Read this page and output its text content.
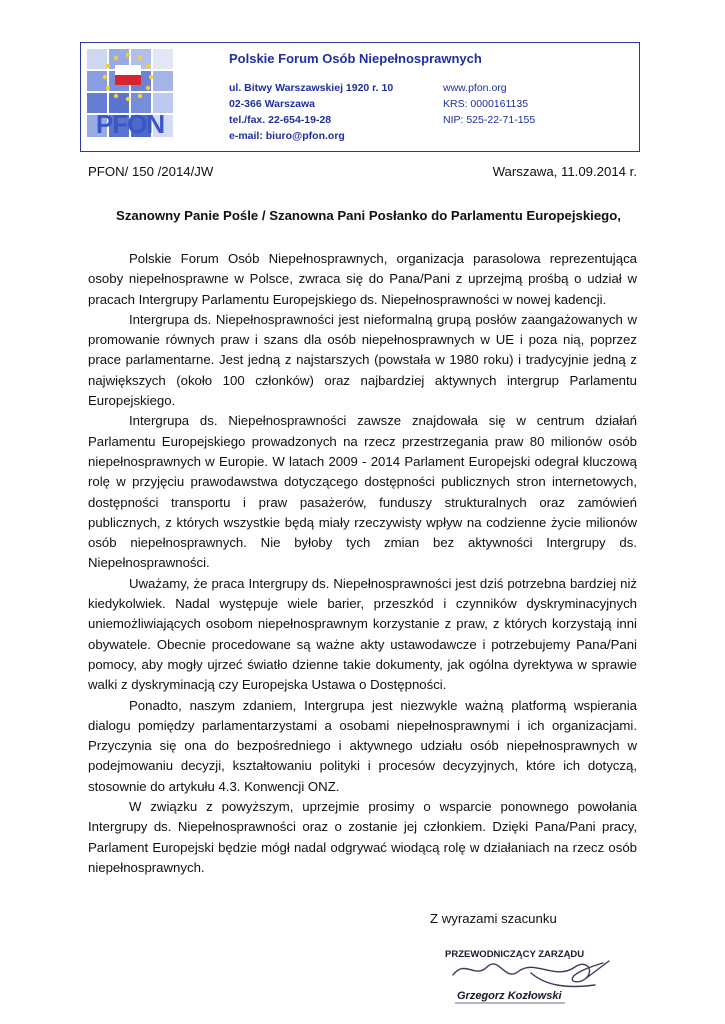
PFON
Polskie Forum Osób Niepełnosprawnych
ul. Bitwy Warszawskiej 1920 r. 10
02-366 Warszawa
tel./fax. 22-654-19-28
e-mail: biuro@pfon.org
www.pfon.org
KRS: 0000161135
NIP: 525-22-71-155
PFON/ 150 /2014/JW	Warszawa, 11.09.2014 r.
Szanowny Panie Pośle / Szanowna Pani Posłanko do Parlamentu Europejskiego,

Polskie Forum Osób Niepełnosprawnych, organizacja parasolowa reprezentująca osoby niepełnosprawne w Polsce, zwraca się do Pana/Pani z uprzejmą prośbą o udział w pracach Intergrupy Parlamentu Europejskiego ds. Niepełnosprawności w nowej kadencji.

Intergrupa ds. Niepełnosprawności jest nieformalną grupą posłów zaangażowanych w promowanie równych praw i szans dla osób niepełnosprawnych w UE i poza nią, poprzez prace parlamentarne. Jest jedną z najstarszych (powstała w 1980 roku) i tradycyjnie jedną z największych (około 100 członków) oraz najbardziej aktywnych intergrup Parlamentu Europejskiego.

Intergrupa ds. Niepełnosprawności zawsze znajdowała się w centrum działań Parlamentu Europejskiego prowadzonych na rzecz przestrzegania praw 80 milionów osób niepełnosprawnych w Europie. W latach 2009 - 2014 Parlament Europejski odegrał kluczową rolę w przyjęciu prawodawstwa dotyczącego dostępności publicznych stron internetowych, dostępności transportu i praw pasażerów, funduszy strukturalnych oraz zamówień publicznych, z których wszystkie będą miały rzeczywisty wpływ na codzienne życie milionów osób niepełnosprawnych. Nie byłoby tych zmian bez aktywności Intergrupy ds. Niepełnosprawności.

Uważamy, że praca Intergrupy ds. Niepełnosprawności jest dziś potrzebna bardziej niż kiedykolwiek. Nadal występuje wiele barier, przeszkód i czynników dyskryminacyjnych uniemożliwiających osobom niepełnosprawnym korzystanie z praw, z których korzystają inni obywatele. Obecnie procedowane są ważne akty ustawodawcze i potrzebujemy Pana/Pani pomocy, aby mogły ujrzeć światło dzienne takie dokumenty, jak ogólna dyrektywa w sprawie walki z dyskryminacją czy Europejska Ustawa o Dostępności.

Ponadto, naszym zdaniem, Intergrupa jest niezwykle ważną platformą wspierania dialogu pomiędzy parlamentarzystami a osobami niepełnosprawnymi i ich organizacjami. Przyczynia się ona do bezpośredniego i aktywnego udziału osób niepełnosprawnych w podejmowaniu decyzji, kształtowaniu polityki i procesów decyzyjnych, które ich dotyczą, stosownie do artykułu 4.3. Konwencji ONZ.

W związku z powyższym, uprzejmie prosimy o wsparcie ponownego powołania Intergrupy ds. Niepełnosprawności oraz o zostanie jej członkiem. Dzięki Pana/Pani pracy, Parlament Europejski będzie mógł nadal odgrywać wiodącą rolę w działaniach na rzecz osób niepełnosprawnych.

Z wyrazami szacunku
PRZEWODNICZĄCY ZARZĄDU
Grzegorz Kozłowski
